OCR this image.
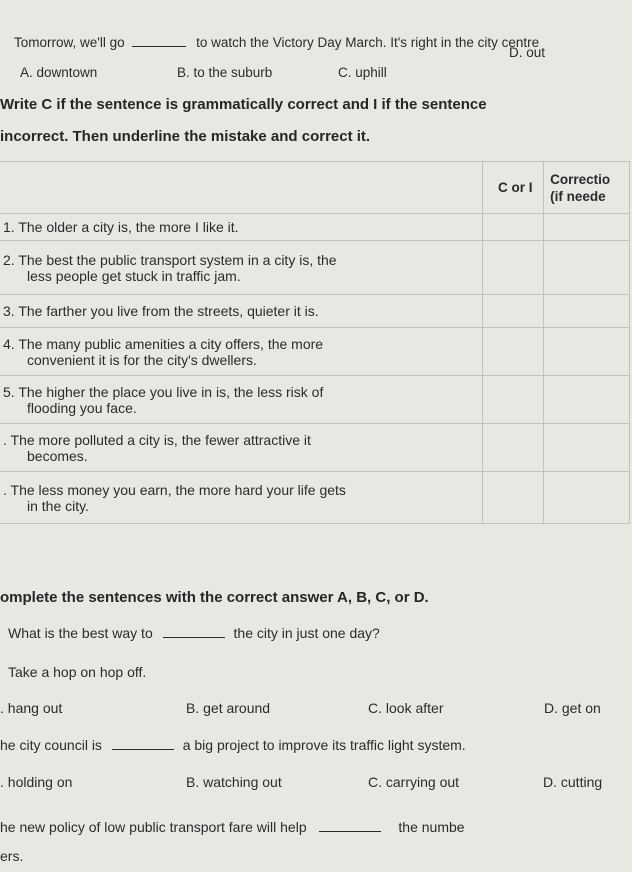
Tomorrow, we'll go	to watch the Victory Day March. It's right in the city centre
A. downtown	B. to the suburb	C. uphill
D. out
Write C if the sentence is grammatically correct and I if the sentence
incorrect. Then underline the mistake and correct it.
	C or I	Correctio
(if neede

1. The older a city is, the more I like it.		

2. The best the public transport system in a city is, the
less people get stuck in traffic jam.		

3. The farther you live from the streets, quieter it is.		

4. The many public amenities a city offers, the more
convenient it is for the city's dwellers.		

5. The higher the place you live in is, the less risk of
flooding you face.		

. The more polluted a city is, the fewer attractive it
becomes.		

. The less money you earn, the more hard your life gets
in the city.		

omplete the sentences with the correct answer A, B, C, or D.
What is the best way to	the city in just one day?
Take a hop on hop off.
. hang out	B. get around	C. look after	D. get on
he city council is	a big project to improve its traffic light system.
. holding on	B. watching out	C. carrying out	D. cutting
he new policy of low public transport fare will help	the numbe
ers.
